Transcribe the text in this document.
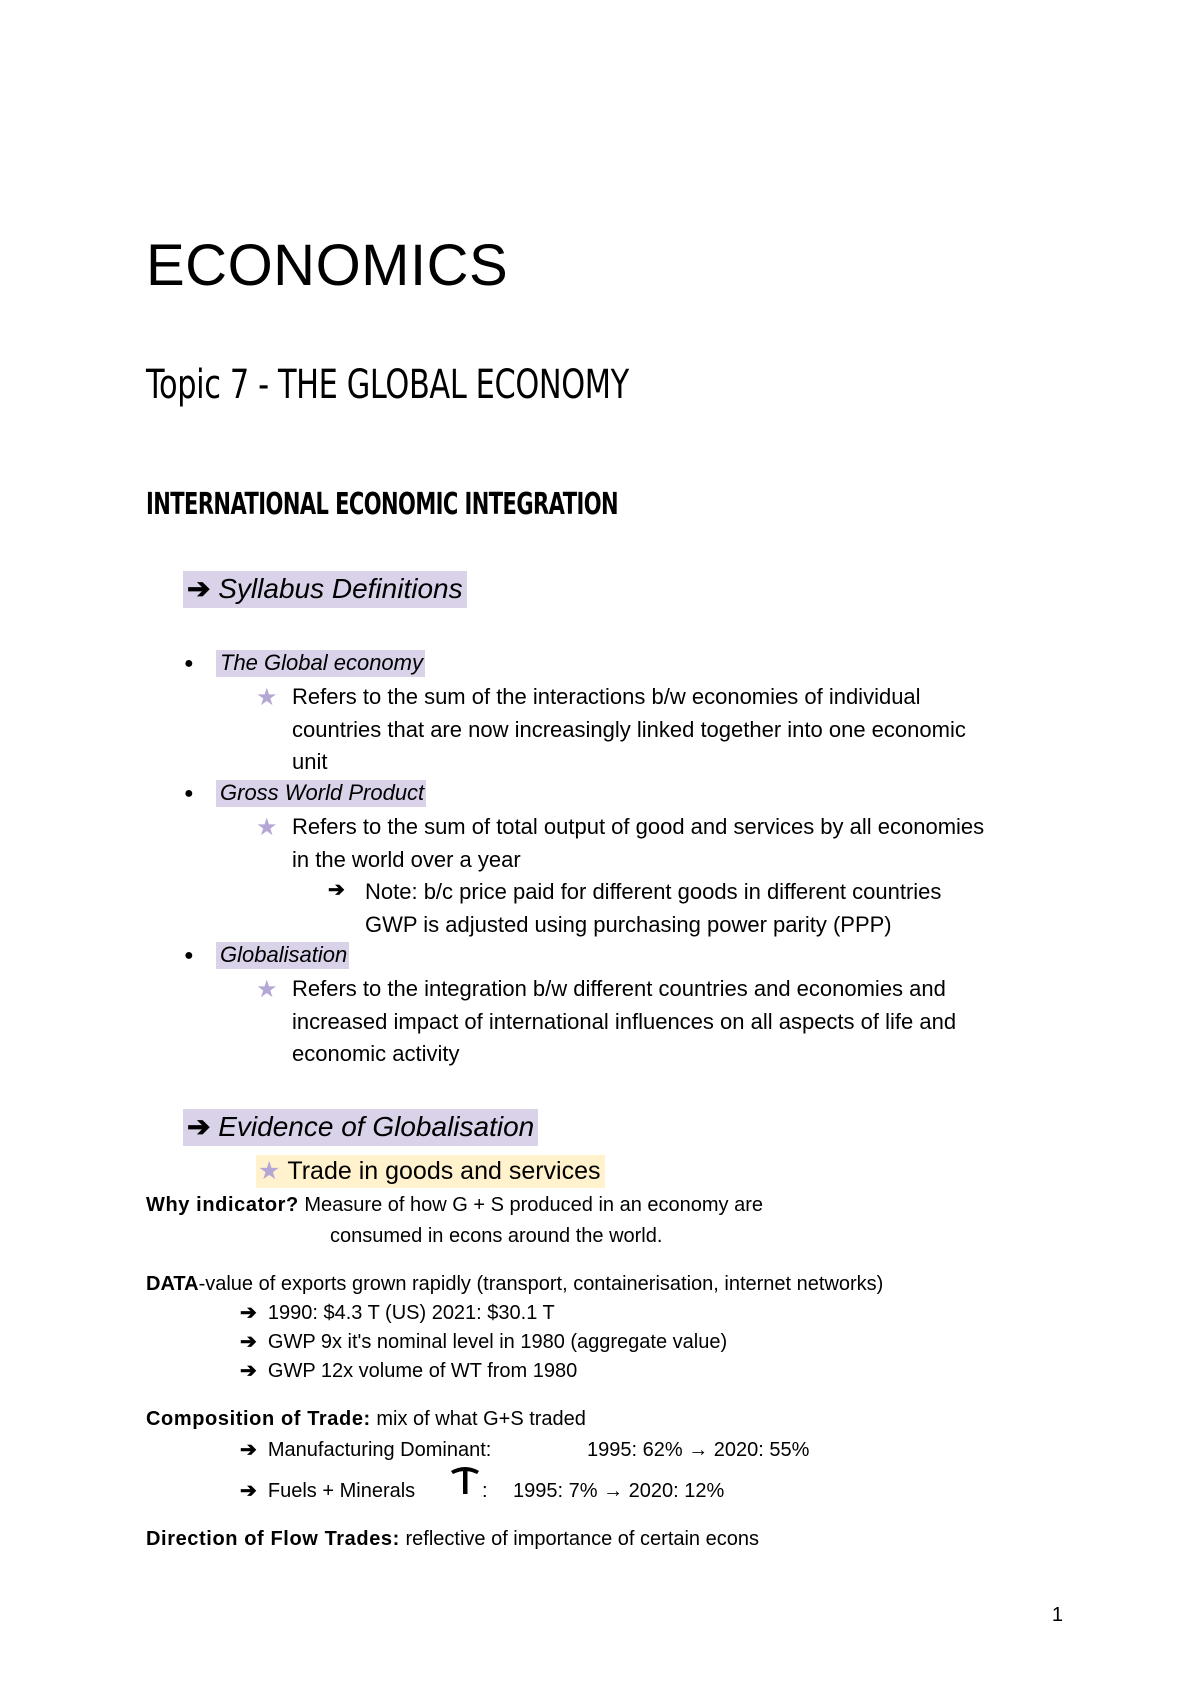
ECONOMICS
Topic 7 - THE GLOBAL ECONOMY
INTERNATIONAL ECONOMIC INTEGRATION
➔ Syllabus Definitions
● The Global economy
★ Refers to the sum of the interactions b/w economies of individual
countries that are now increasingly linked together into one economic
unit
● Gross World Product
★ Refers to the sum of total output of good and services by all economies
in the world over a year
➔ Note: b/c price paid for different goods in different countries
GWP is adjusted using purchasing power parity (PPP)
● Globalisation
★ Refers to the integration b/w different countries and economies and
increased impact of international influences on all aspects of life and
economic activity
➔ Evidence of Globalisation
★ Trade in goods and services
Why indicator? Measure of how G + S produced in an economy are
consumed in econs around the world.
DATA-value of exports grown rapidly (transport, containerisation, internet networks)
➔ 1990: $4.3 T (US) 2021: $30.1 T
➔ GWP 9x it's nominal level in 1980 (aggregate value)
➔ GWP 12x volume of WT from 1980
Composition of Trade: mix of what G+S traded
➔ Manufacturing Dominant:	1995: 62% → 2020: 55%
➔ Fuels + Minerals	: 1995: 7% → 2020: 12%
Direction of Flow Trades: reflective of importance of certain econs
1
